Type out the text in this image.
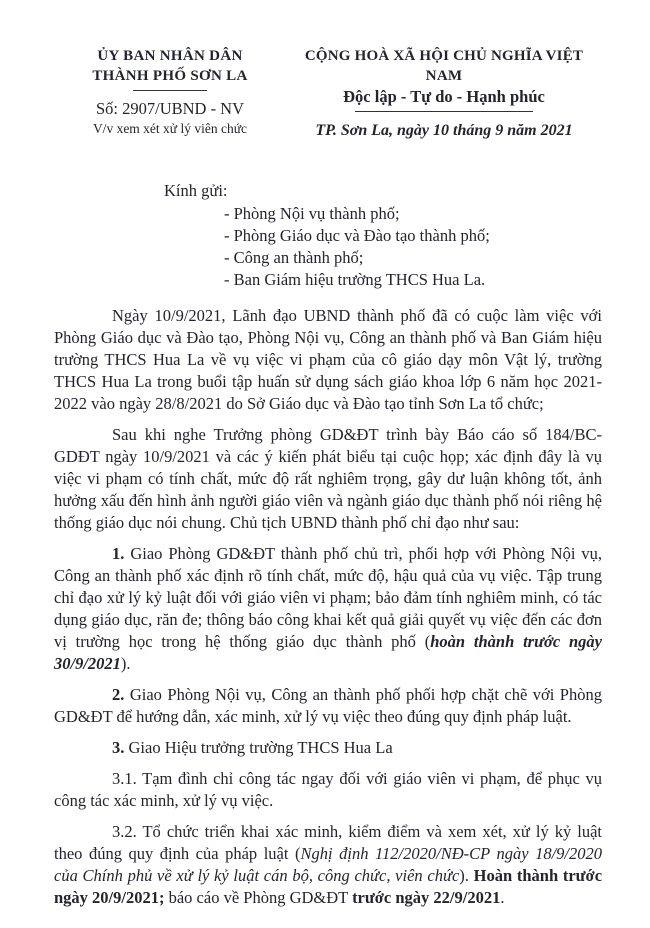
ỦY BAN NHÂN DÂN
THÀNH PHỐ SƠN LA
Số: 2907/UBND - NV
V/v xem xét xử lý viên chức
CỘNG HOÀ XÃ HỘI CHỦ NGHĨA VIỆT NAM
Độc lập - Tự do - Hạnh phúc
TP. Sơn La, ngày 10 tháng 9 năm 2021
Kính gửi:
- Phòng Nội vụ thành phố;
- Phòng Giáo dục và Đào tạo thành phố;
- Công an thành phố;
- Ban Giám hiệu trường THCS Hua La.

Ngày 10/9/2021, Lãnh đạo UBND thành phố đã có cuộc làm việc với Phòng Giáo dục và Đào tạo, Phòng Nội vụ, Công an thành phố và Ban Giám hiệu trường THCS Hua La về vụ việc vi phạm của cô giáo dạy môn Vật lý, trường THCS Hua La trong buổi tập huấn sử dụng sách giáo khoa lớp 6 năm học 2021-2022 vào ngày 28/8/2021 do Sở Giáo dục và Đào tạo tỉnh Sơn La tổ chức;

Sau khi nghe Trưởng phòng GD&ĐT trình bày Báo cáo số 184/BC-GDĐT ngày 10/9/2021 và các ý kiến phát biểu tại cuộc họp; xác định đây là vụ việc vi phạm có tính chất, mức độ rất nghiêm trọng, gây dư luận không tốt, ảnh hưởng xấu đến hình ảnh người giáo viên và ngành giáo dục thành phố nói riêng hệ thống giáo dục nói chung. Chủ tịch UBND thành phố chỉ đạo như sau:

1. Giao Phòng GD&ĐT thành phố chủ trì, phối hợp với Phòng Nội vụ, Công an thành phố xác định rõ tính chất, mức độ, hậu quả của vụ việc. Tập trung chỉ đạo xử lý kỷ luật đối với giáo viên vi phạm; bảo đảm tính nghiêm minh, có tác dụng giáo dục, răn đe; thông báo công khai kết quả giải quyết vụ việc đến các đơn vị trường học trong hệ thống giáo dục thành phố (hoàn thành trước ngày 30/9/2021).

2. Giao Phòng Nội vụ, Công an thành phố phối hợp chặt chẽ với Phòng GD&ĐT để hướng dẫn, xác minh, xử lý vụ việc theo đúng quy định pháp luật.

3. Giao Hiệu trưởng trường THCS Hua La

3.1. Tạm đình chỉ công tác ngay đối với giáo viên vi phạm, để phục vụ công tác xác minh, xử lý vụ việc.

3.2. Tổ chức triển khai xác minh, kiểm điểm và xem xét, xử lý kỷ luật theo đúng quy định của pháp luật (Nghị định 112/2020/NĐ-CP ngày 18/9/2020 của Chính phủ về xử lý kỷ luật cán bộ, công chức, viên chức). Hoàn thành trước ngày 20/9/2021; báo cáo về Phòng GD&ĐT trước ngày 22/9/2021.
